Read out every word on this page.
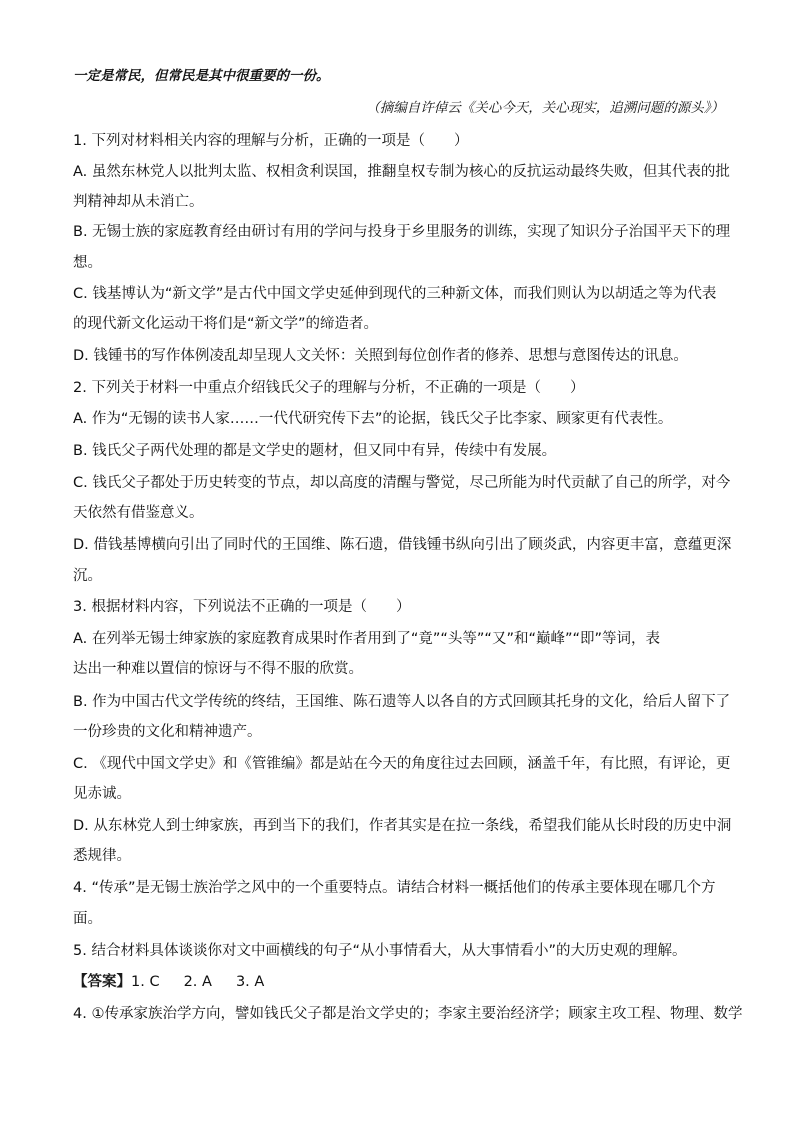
一定是常民，但常民是其中很重要的一份。
（摘编自许倬云《关心今天，关心现实，追溯问题的源头》）
1. 下列对材料相关内容的理解与分析，正确的一项是（　　）
A. 虽然东林党人以批判太监、权相贪利误国，推翻皇权专制为核心的反抗运动最终失败，但其代表的批
判精神却从未消亡。
B. 无锡士族的家庭教育经由研讨有用的学问与投身于乡里服务的训练，实现了知识分子治国平天下的理
想。
C. 钱基博认为“新文学”是古代中国文学史延伸到现代的三种新文体，而我们则认为以胡适之等为代表
的现代新文化运动干将们是“新文学”的缔造者。
D. 钱锺书的写作体例凌乱却呈现人文关怀：关照到每位创作者的修养、思想与意图传达的讯息。
2. 下列关于材料一中重点介绍钱氏父子的理解与分析，不正确的一项是（　　）
A. 作为“无锡的读书人家……一代代研究传下去”的论据，钱氏父子比李家、顾家更有代表性。
B. 钱氏父子两代处理的都是文学史的题材，但又同中有异，传续中有发展。
C. 钱氏父子都处于历史转变的节点，却以高度的清醒与警觉，尽己所能为时代贡献了自己的所学，对今
天依然有借鉴意义。
D. 借钱基博横向引出了同时代的王国维、陈石遗，借钱锺书纵向引出了顾炎武，内容更丰富，意蕴更深
沉。
3. 根据材料内容，下列说法不正确的一项是（　　）
A. 在列举无锡士绅家族的家庭教育成果时作者用到了“竟”“头等”“又”和“巅峰”“即”等词，表
达出一种难以置信的惊讶与不得不服的欣赏。
B. 作为中国古代文学传统的终结，王国维、陈石遗等人以各自的方式回顾其托身的文化，给后人留下了
一份珍贵的文化和精神遗产。
C. 《现代中国文学史》和《管锥编》都是站在今天的角度往过去回顾，涵盖千年，有比照，有评论，更
见赤诚。
D. 从东林党人到士绅家族，再到当下的我们，作者其实是在拉一条线，希望我们能从长时段的历史中洞
悉规律。
4. “传承”是无锡士族治学之风中的一个重要特点。请结合材料一概括他们的传承主要体现在哪几个方
面。
5. 结合材料具体谈谈你对文中画横线的句子“从小事情看大，从大事情看小”的大历史观的理解。
【答案】1. C 2. A 3. A
4. ①传承家族治学方向，譬如钱氏父子都是治文学史的；李家主要治经济学；顾家主攻工程、物理、数学
